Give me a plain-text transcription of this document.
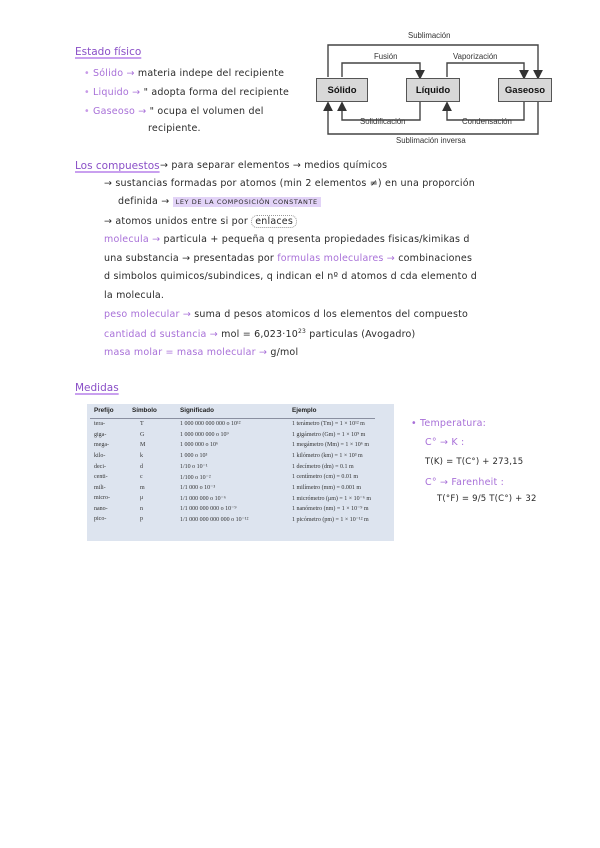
Estado físico
• Sólido → materia indepe del recipiente
• Liquido → " adopta forma del recipiente
• Gaseoso → " ocupa el volumen del
recipiente.
Sublimación
Fusión	Vaporización
Sólido	Líquido	Gaseoso
Solidificación	Condensación
Sublimación inversa
Los compuestos → para separar elementos → medios químicos
→ sustancias formadas por atomos (min 2 elementos ≠) en una proporción
definida → LEY DE LA COMPOSICIÓN CONSTANTE
→ atomos unidos entre si por enlaces
molecula → particula + pequeña q presenta propiedades fisicas/kimikas d
una substancia → presentadas por formulas moleculares → combinaciones
d simbolos quimicos/subindices, q indican el nº d atomos d cda elemento d
la molecula.
peso molecular → suma d pesos atomicos d los elementos del compuesto
cantidad d sustancia → mol = $6,023\cdot 10^{23}$ particulas (Avogadro)
masa molar = masa molecular → g/mol
Medidas
Prefijo	Símbolo	Significado	Ejemplo
tera-	T	1 000 000 000 000 o 10¹²	1 terámetro (Tm) = 1 × 10¹² m
giga-	G	1 000 000 000 o 10⁹	1 gigámetro (Gm) = 1 × 10⁹ m
mega-	M	1 000 000 o 10⁶	1 megámetro (Mm) = 1 × 10⁶ m
kilo-	k	1 000 o 10³	1 kilómetro (km) = 1 × 10³ m
deci-	d	1/10 o 10⁻¹	1 decímetro (dm) = 0.1 m
centi-	c	1/100 o 10⁻²	1 centímetro (cm) = 0.01 m
mili-	m	1/1 000 o 10⁻³	1 milímetro (mm) = 0.001 m
micro-	μ	1/1 000 000 o 10⁻⁶	1 micrómetro (μm) = 1 × 10⁻⁶ m
nano-	n	1/1 000 000 000 o 10⁻⁹	1 nanómetro (nm) = 1 × 10⁻⁹ m
pico-	p	1/1 000 000 000 000 o 10⁻¹²	1 picómetro (pm) = 1 × 10⁻¹² m
• Temperatura:
C° → K :
T(K) = T(C°) + 273,15
C° → Farenheit :
T(°F) = 9/5 T(C°) + 32
